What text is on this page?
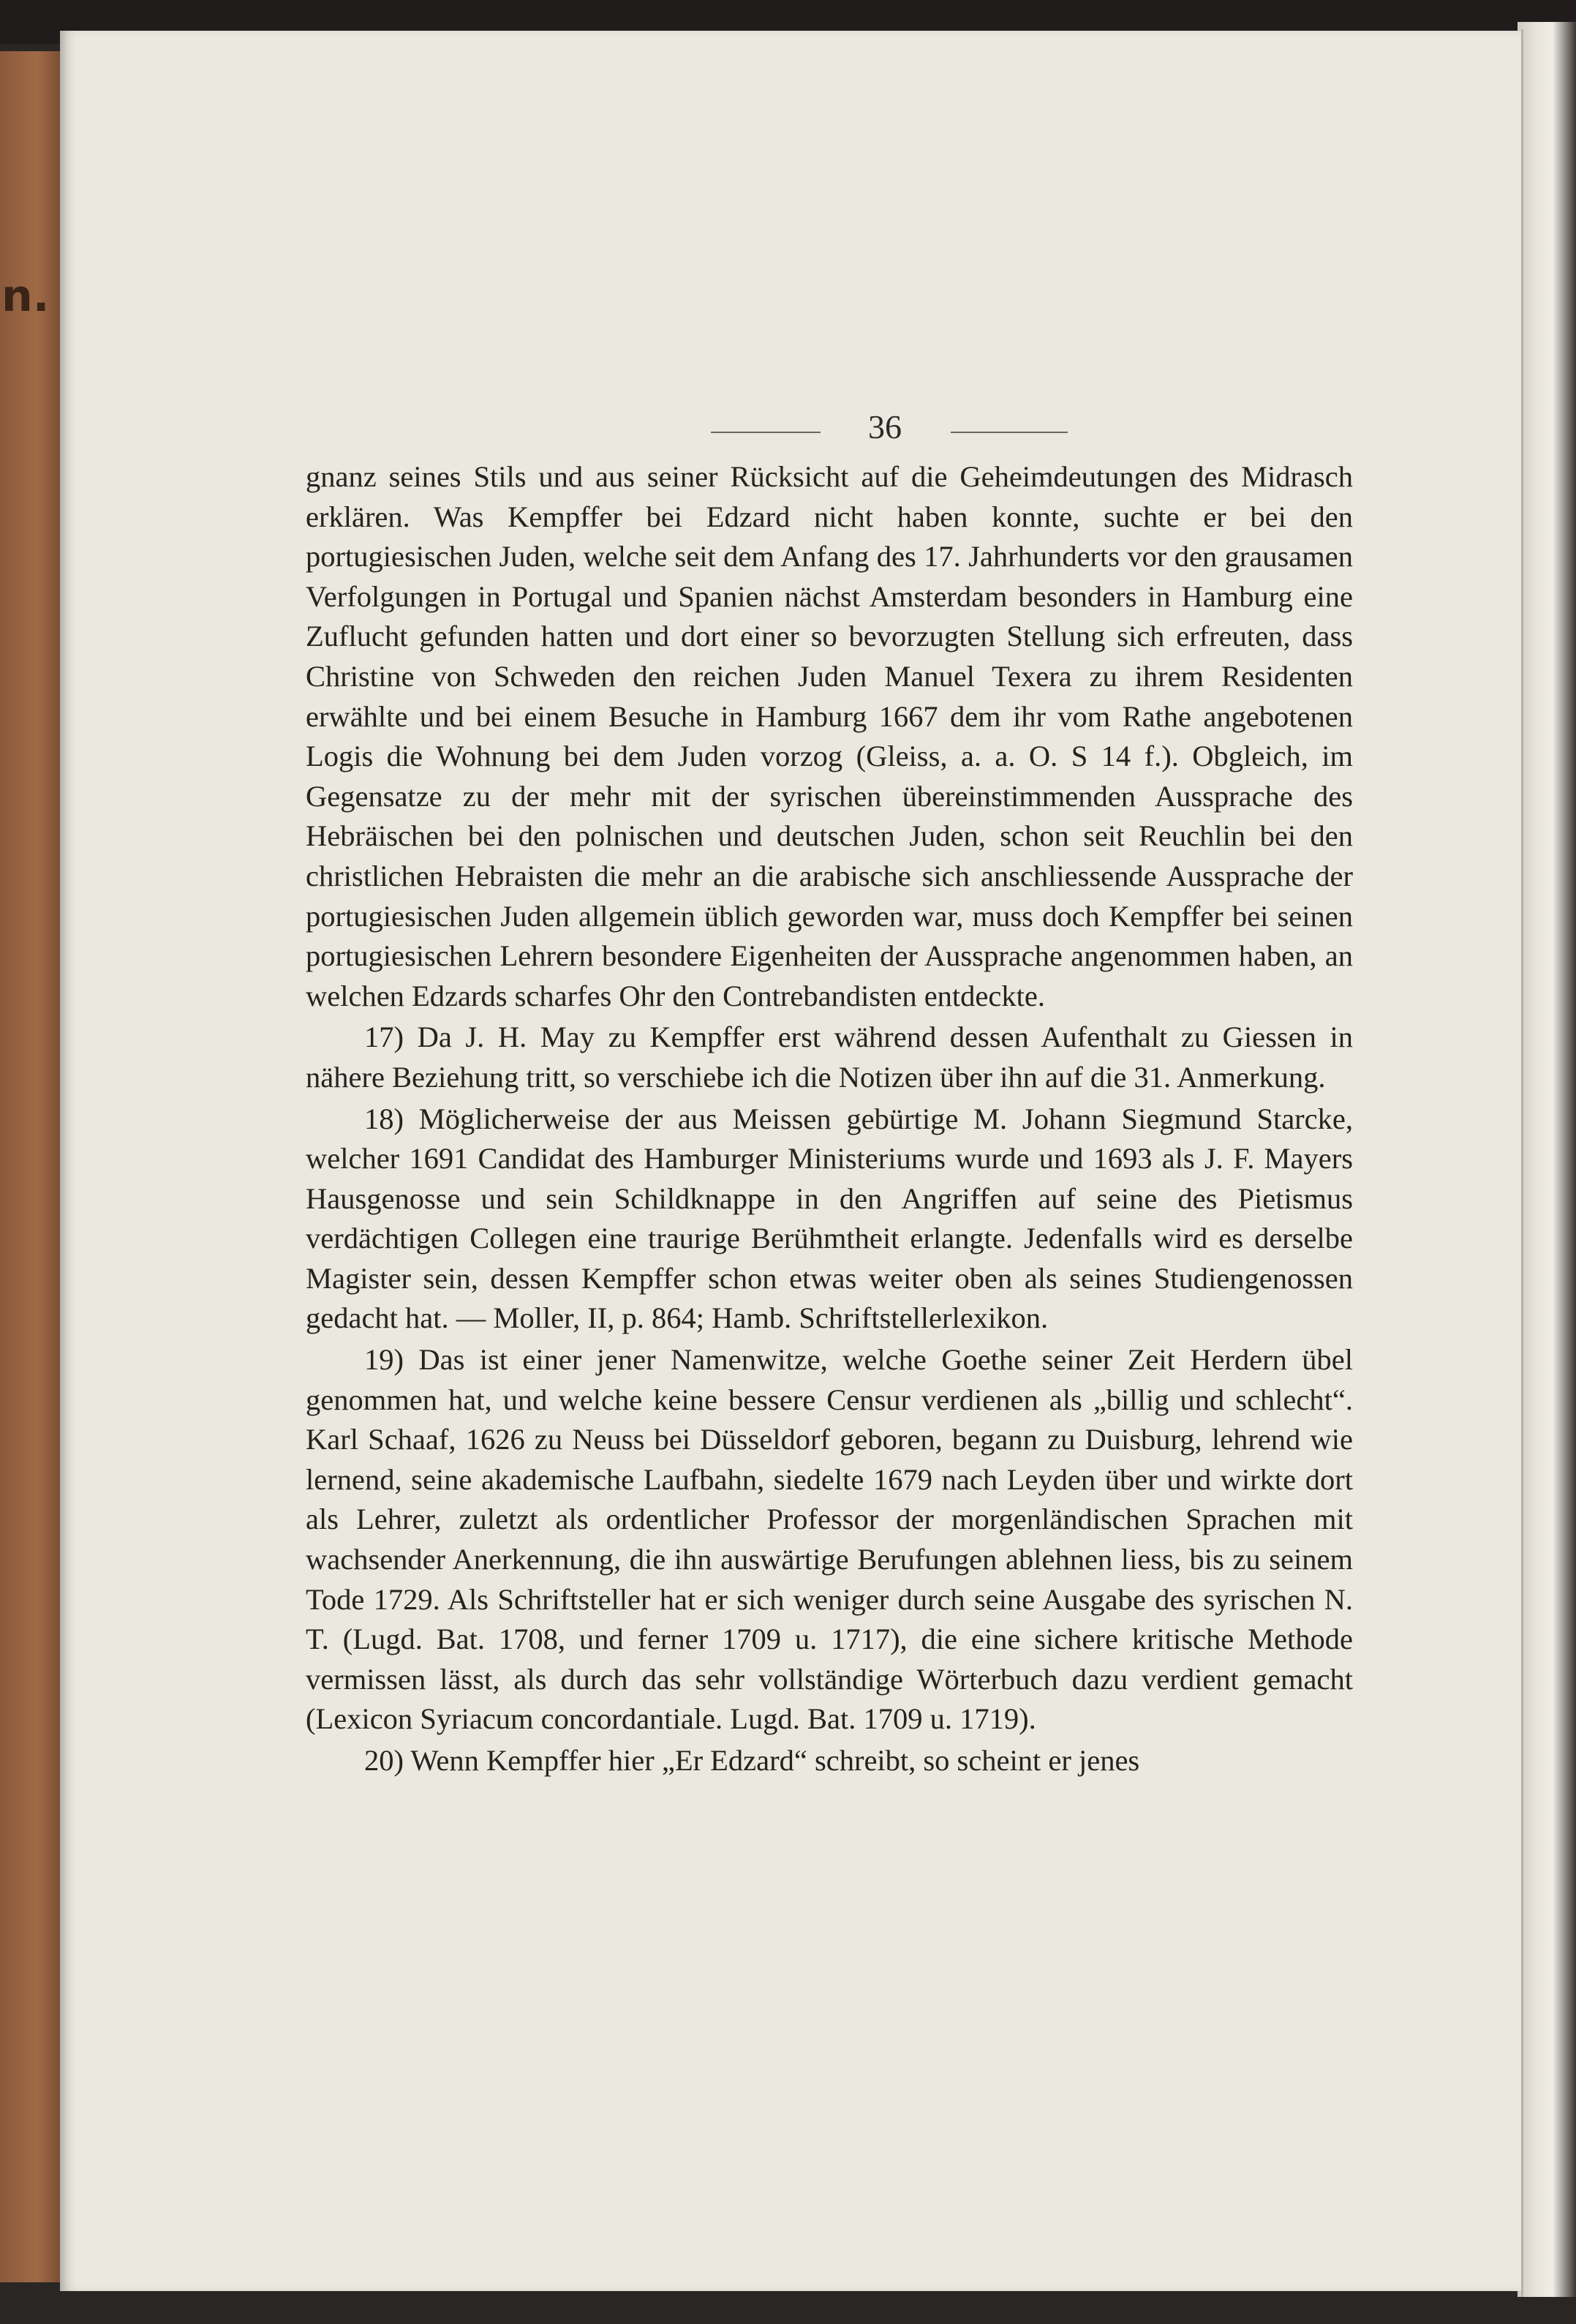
n.
36

gnanz seines Stils und aus seiner Rücksicht auf die Geheimdeutungen des Midrasch erklären. Was Kempffer bei Edzard nicht haben konnte, suchte er bei den portugiesischen Juden, welche seit dem Anfang des 17. Jahrhunderts vor den grausamen Verfolgungen in Portugal und Spanien nächst Amsterdam besonders in Hamburg eine Zuflucht gefunden hatten und dort einer so bevorzugten Stellung sich erfreuten, dass Christine von Schweden den reichen Juden Manuel Texera zu ihrem Residenten erwählte und bei einem Besuche in Hamburg 1667 dem ihr vom Rathe angebotenen Logis die Wohnung bei dem Juden vorzog (Gleiss, a. a. O. S 14 f.). Obgleich, im Gegensatze zu der mehr mit der syrischen übereinstimmenden Aussprache des Hebräischen bei den polnischen und deutschen Juden, schon seit Reuchlin bei den christlichen Hebraisten die mehr an die arabische sich anschliessende Aussprache der portugiesischen Juden allgemein üblich geworden war, muss doch Kempffer bei seinen portugiesischen Lehrern besondere Eigenheiten der Aussprache angenommen haben, an welchen Edzards scharfes Ohr den Contrebandisten entdeckte.

17) Da J. H. May zu Kempffer erst während dessen Aufenthalt zu Giessen in nähere Beziehung tritt, so verschiebe ich die Notizen über ihn auf die 31. Anmerkung.

18) Möglicherweise der aus Meissen gebürtige M. Johann Siegmund Starcke, welcher 1691 Candidat des Hamburger Ministeriums wurde und 1693 als J. F. Mayers Hausgenosse und sein Schildknappe in den Angriffen auf seine des Pietismus verdächtigen Collegen eine traurige Berühmtheit erlangte. Jedenfalls wird es derselbe Magister sein, dessen Kempffer schon etwas weiter oben als seines Studiengenossen gedacht hat. — Moller, II, p. 864; Hamb. Schriftstellerlexikon.

19) Das ist einer jener Namenwitze, welche Goethe seiner Zeit Herdern übel genommen hat, und welche keine bessere Censur verdienen als „billig und schlecht“. Karl Schaaf, 1626 zu Neuss bei Düsseldorf geboren, begann zu Duisburg, lehrend wie lernend, seine akademische Laufbahn, siedelte 1679 nach Leyden über und wirkte dort als Lehrer, zuletzt als ordentlicher Professor der morgenländischen Sprachen mit wachsender Anerkennung, die ihn auswärtige Berufungen ablehnen liess, bis zu seinem Tode 1729. Als Schriftsteller hat er sich weniger durch seine Ausgabe des syrischen N. T. (Lugd. Bat. 1708, und ferner 1709 u. 1717), die eine sichere kritische Methode vermissen lässt, als durch das sehr vollständige Wörterbuch dazu verdient gemacht (Lexicon Syriacum concordantiale. Lugd. Bat. 1709 u. 1719).

20) Wenn Kempffer hier „Er Edzard“ schreibt, so scheint er jenes
